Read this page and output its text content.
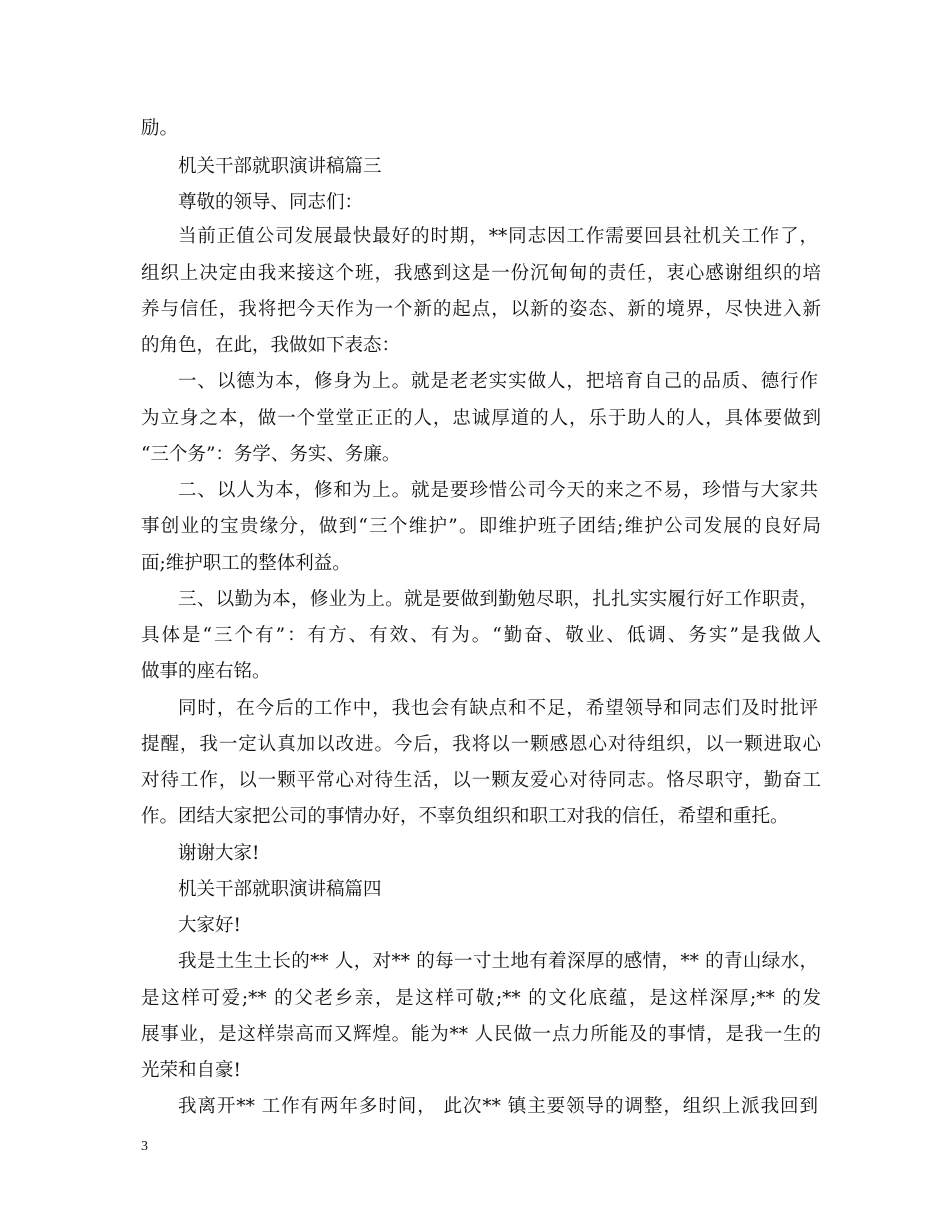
励。
机关干部就职演讲稿篇三
尊敬的领导、同志们：
当前正值公司发展最快最好的时期，**同志因工作需要回县社机关工作了，
组织上决定由我来接这个班，我感到这是一份沉甸甸的责任，衷心感谢组织的培
养与信任，我将把今天作为一个新的起点，以新的姿态、新的境界，尽快进入新
的角色，在此，我做如下表态：
一、以德为本，修身为上。就是老老实实做人，把培育自己的品质、德行作
为立身之本，做一个堂堂正正的人，忠诚厚道的人，乐于助人的人，具体要做到
“三个务”：务学、务实、务廉。
二、以人为本，修和为上。就是要珍惜公司今天的来之不易，珍惜与大家共
事创业的宝贵缘分，做到“三个维护”。即维护班子团结;维护公司发展的良好局
面;维护职工的整体利益。
三、以勤为本，修业为上。就是要做到勤勉尽职，扎扎实实履行好工作职责，
具体是“三个有”：有方、有效、有为。“勤奋、敬业、低调、务实”是我做人
做事的座右铭。
同时，在今后的工作中，我也会有缺点和不足，希望领导和同志们及时批评
提醒，我一定认真加以改进。今后，我将以一颗感恩心对待组织，以一颗进取心
对待工作，以一颗平常心对待生活，以一颗友爱心对待同志。恪尽职守，勤奋工
作。团结大家把公司的事情办好，不辜负组织和职工对我的信任，希望和重托。
谢谢大家!
机关干部就职演讲稿篇四
大家好!
我是土生土长的** 人，对** 的每一寸土地有着深厚的感情，** 的青山绿水，
是这样可爱;** 的父老乡亲，是这样可敬;** 的文化底蕴，是这样深厚;** 的发
展事业，是这样崇高而又辉煌。能为** 人民做一点力所能及的事情，是我一生的
光荣和自豪!
我离开** 工作有两年多时间， 此次** 镇主要领导的调整，组织上派我回到
3
